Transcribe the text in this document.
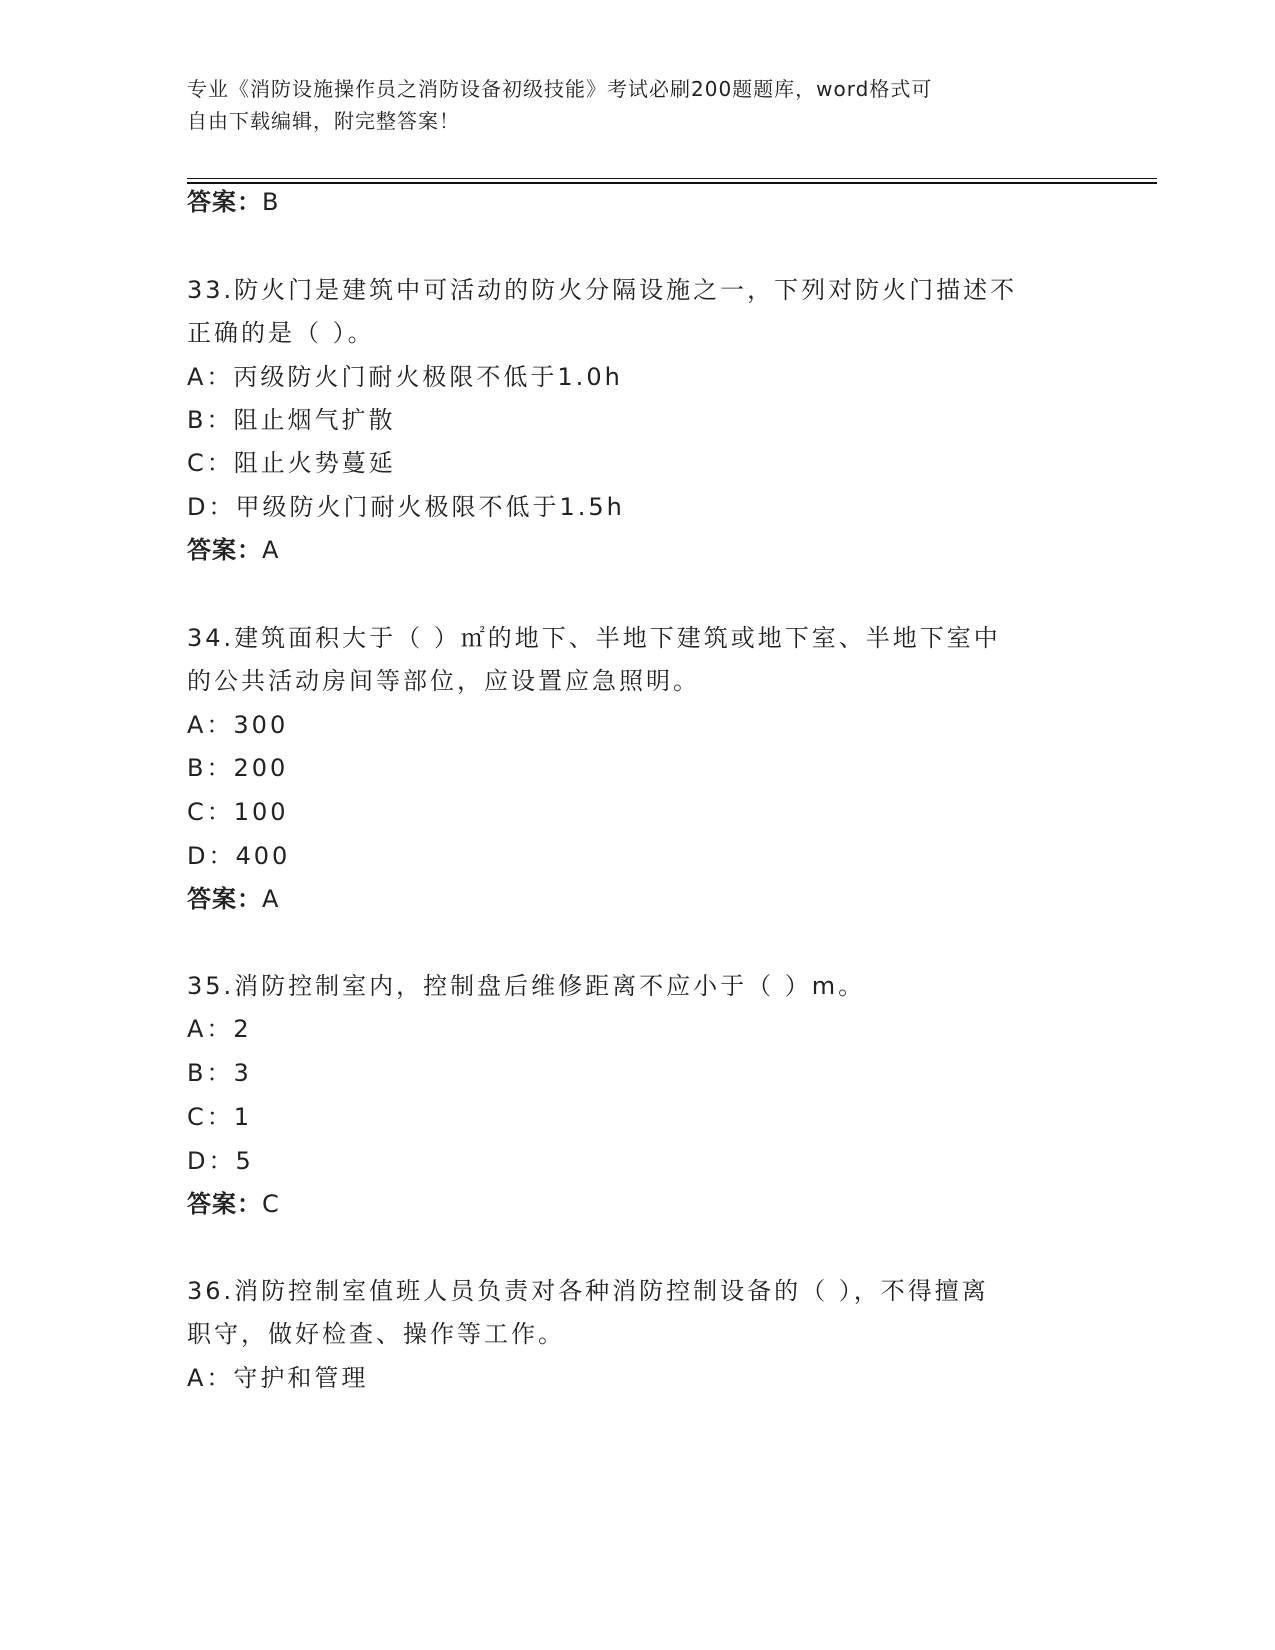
专业《消防设施操作员之消防设备初级技能》考试必刷200题题库，word格式可
自由下载编辑，附完整答案！
答案：B
33.防火门是建筑中可活动的防火分隔设施之一，下列对防火门描述不
正确的是（ ）。
A：丙级防火门耐火极限不低于1.0h
B：阻止烟气扩散
C：阻止火势蔓延
D：甲级防火门耐火极限不低于1.5h
答案：A
34.建筑面积大于（ ）㎡的地下、半地下建筑或地下室、半地下室中
的公共活动房间等部位，应设置应急照明。
A：300
B：200
C：100
D：400
答案：A
35.消防控制室内，控制盘后维修距离不应小于（ ）m。
A：2
B：3
C：1
D：5
答案：C
36.消防控制室值班人员负责对各种消防控制设备的（ ），不得擅离
职守，做好检查、操作等工作。
A：守护和管理
